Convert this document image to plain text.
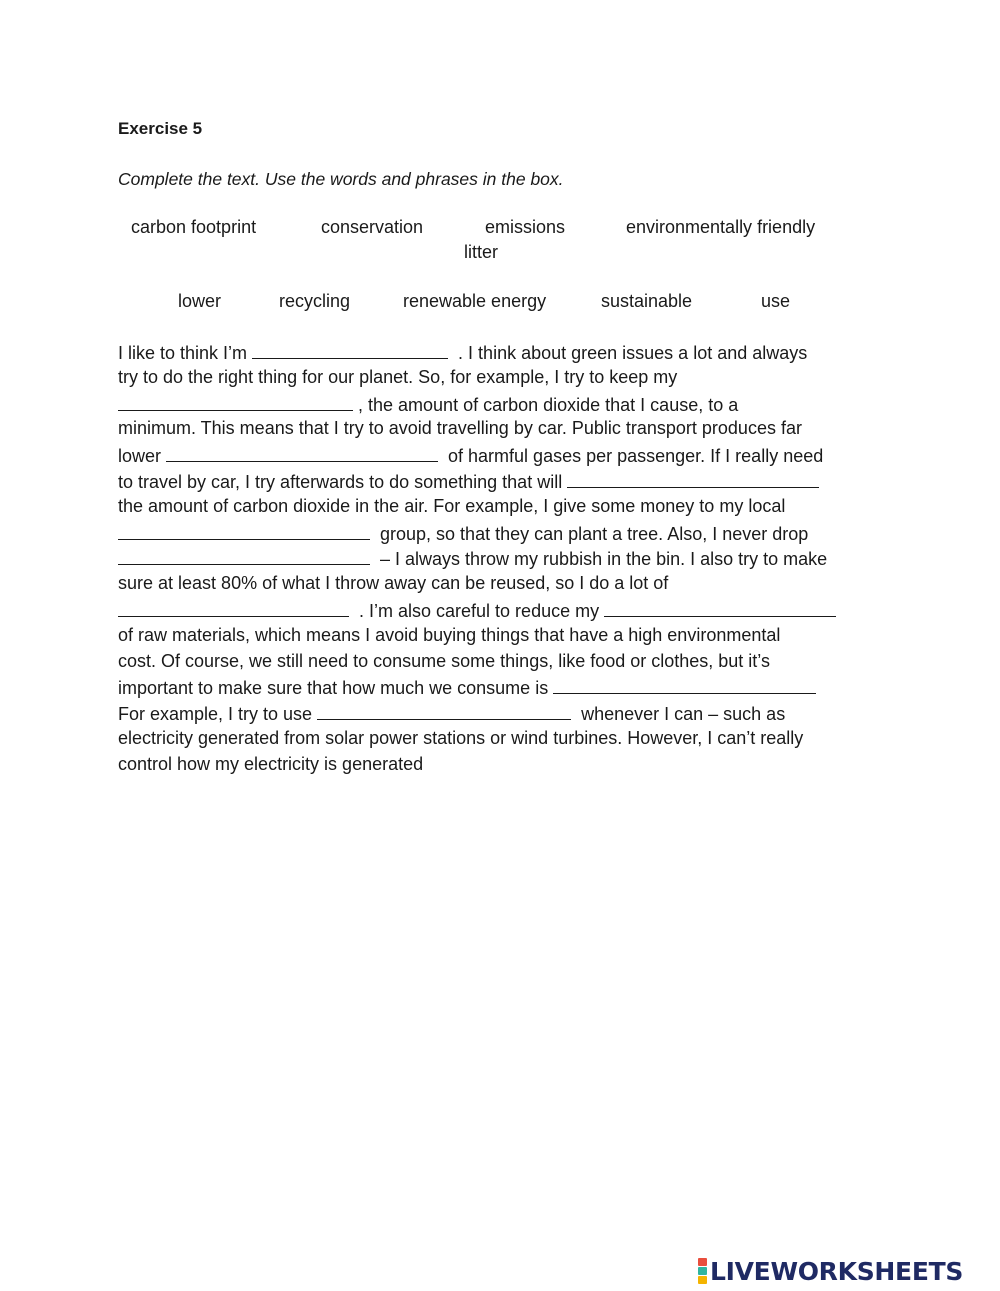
Exercise 5
Complete the text. Use the words and phrases in the box.
carbon footprint	conservation	emissions	environmentally friendly
litter
lower	recycling	renewable energy	sustainable	use
I like to think I’m	. I think about green issues a lot and always
try to do the right thing for our planet. So, for example, I try to keep my
, the amount of carbon dioxide that I cause, to a
minimum. This means that I try to avoid travelling by car. Public transport produces far
lower	of harmful gases per passenger. If I really need
to travel by car, I try afterwards to do something that will
the amount of carbon dioxide in the air. For example, I give some money to my local
group, so that they can plant a tree. Also, I never drop
– I always throw my rubbish in the bin. I also try to make
sure at least 80% of what I throw away can be reused, so I do a lot of
. I’m also careful to reduce my
of raw materials, which means I avoid buying things that have a high environmental
cost. Of course, we still need to consume some things, like food or clothes, but it’s
important to make sure that how much we consume is
For example, I try to use	whenever I can – such as
electricity generated from solar power stations or wind turbines. However, I can’t really
control how my electricity is generated
LIVEWORKSHEETS
